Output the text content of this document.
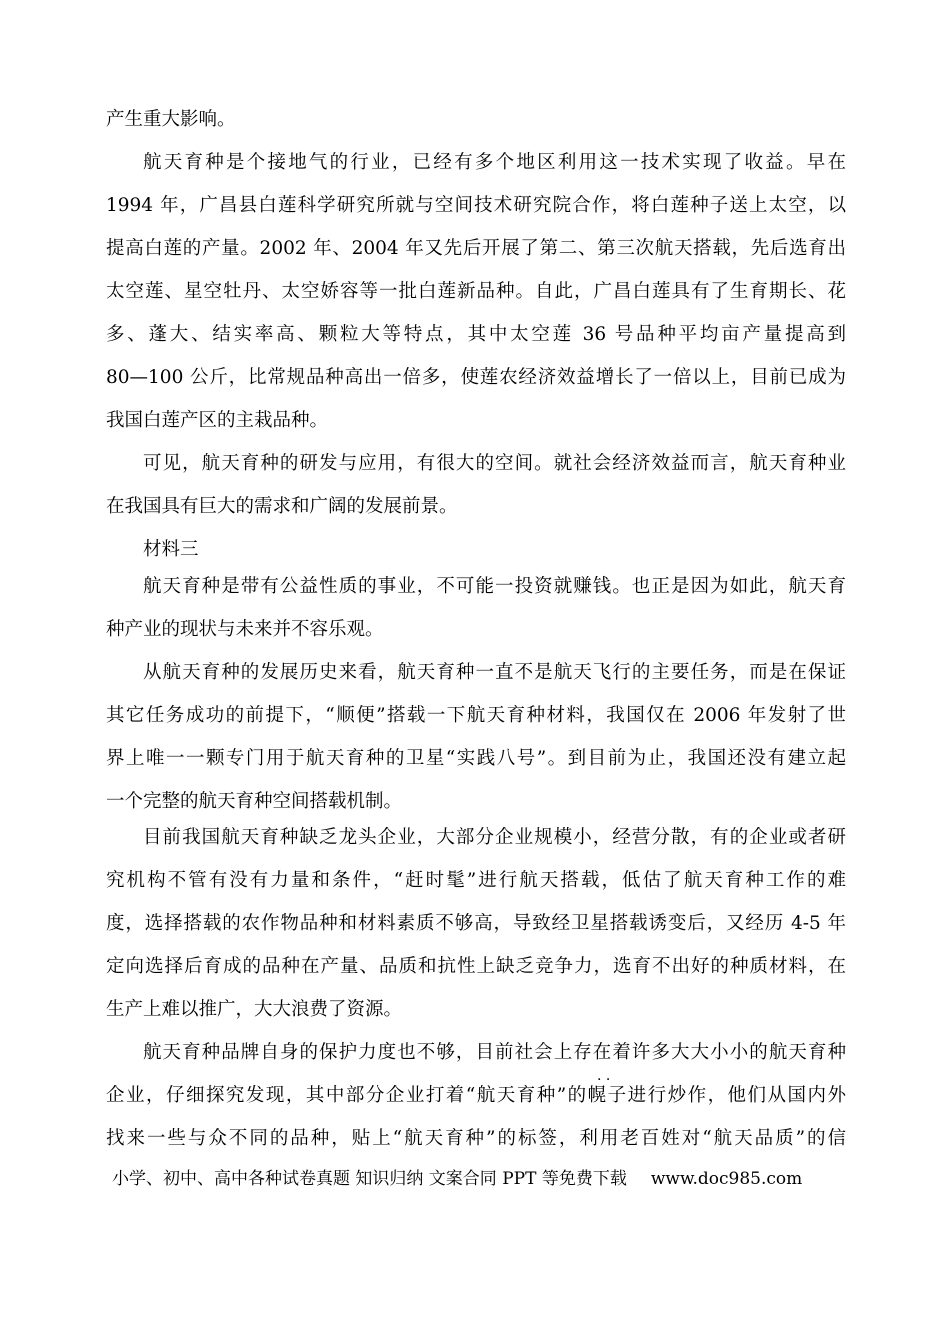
产生重大影响。
航天育种是个接地气的行业，已经有多个地区利用这一技术实现了收益。早在
1994 年，广昌县白莲科学研究所就与空间技术研究院合作，将白莲种子送上太空，以
提高白莲的产量。2002 年、2004 年又先后开展了第二、第三次航天搭载，先后选育出
太空莲、星空牡丹、太空娇容等一批白莲新品种。自此，广昌白莲具有了生育期长、花
多、蓬大、结实率高、颗粒大等特点，其中太空莲 36 号品种平均亩产量提高到
80—100 公斤，比常规品种高出一倍多，使莲农经济效益增长了一倍以上，目前已成为
我国白莲产区的主栽品种。
可见，航天育种的研发与应用，有很大的空间。就社会经济效益而言，航天育种业
在我国具有巨大的需求和广阔的发展前景。
材料三
航天育种是带有公益性质的事业，不可能一投资就赚钱。也正是因为如此，航天育
种产业的现状与未来并不容乐观。
从航天育种的发展历史来看，航天育种一直不是航天飞行的主要任务，而是在保证
其它任务成功的前提下，“顺便”搭载一下航天育种材料，我国仅在 2006 年发射了世
界上唯一一颗专门用于航天育种的卫星“实践八号”。到目前为止，我国还没有建立起
一个完整的航天育种空间搭载机制。
目前我国航天育种缺乏龙头企业，大部分企业规模小，经营分散，有的企业或者研
究机构不管有没有力量和条件，“赶时髦”进行航天搭载，低估了航天育种工作的难
度，选择搭载的农作物品种和材料素质不够高，导致经卫星搭载诱变后，又经历 4-5 年
定向选择后育成的品种在产量、品质和抗性上缺乏竞争力，选育不出好的种质材料，在
生产上难以推广，大大浪费了资源。
航天育种品牌自身的保护力度也不够，目前社会上存在着许多大大小小的航天育种
· ·
企业，仔细探究发现，其中部分企业打着“航天育种”的幌子进行炒作，他们从国内外
找来一些与众不同的品种，贴上“航天育种”的标签，利用老百姓对“航天品质”的信
小学、初中、高中各种试卷真题 知识归纳 文案合同 PPT 等免费下载 www.doc985.com
